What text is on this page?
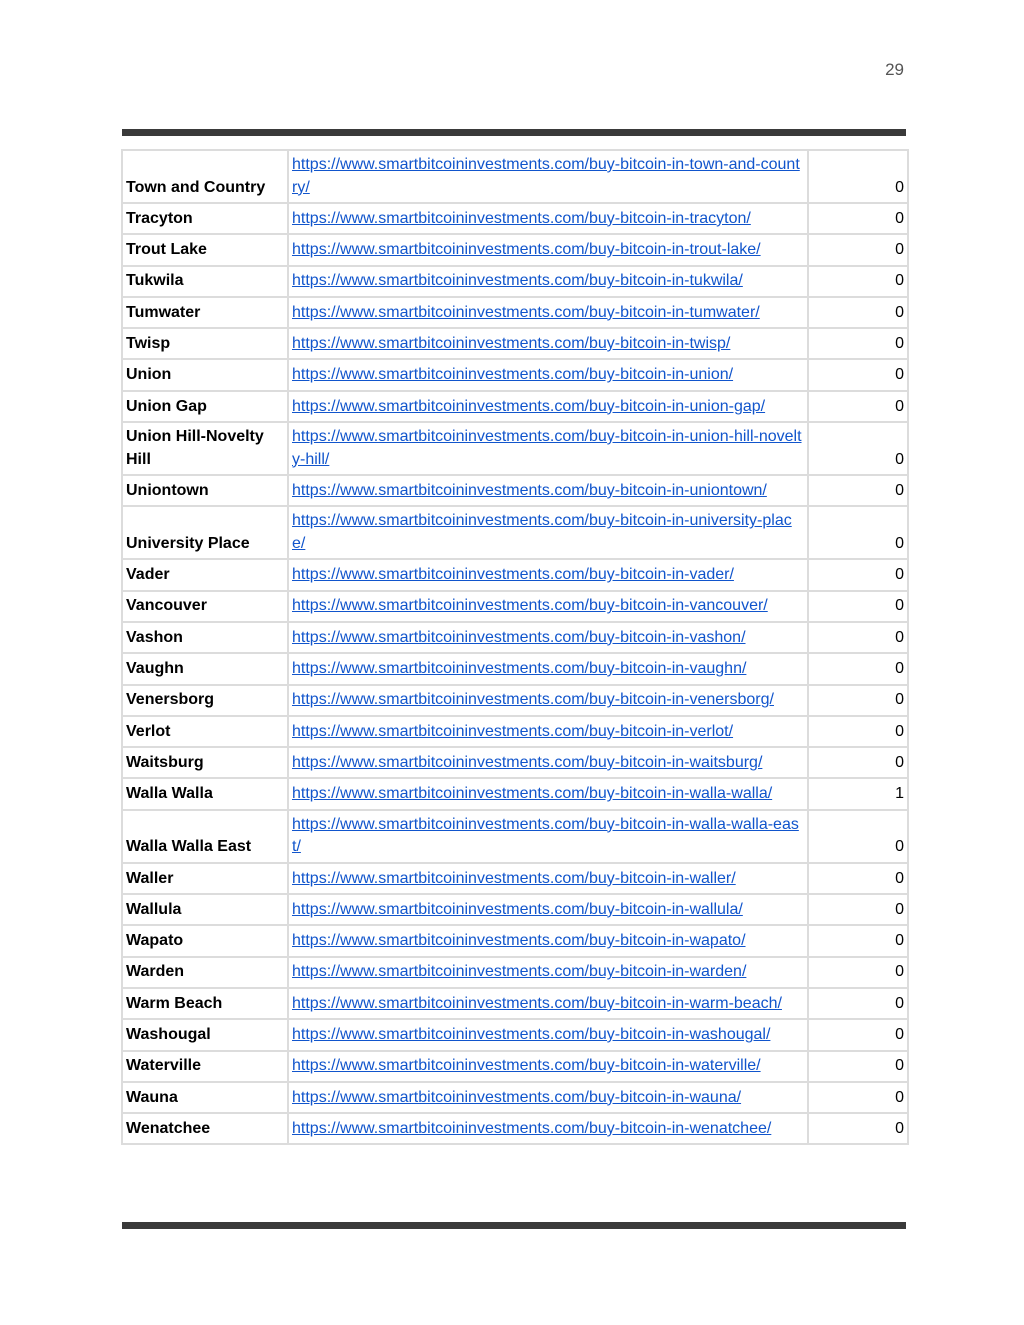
29
Town and Country	https://www.smartbitcoininvestments.com/buy-bitcoin-in-town-and-country/	0
Tracyton	https://www.smartbitcoininvestments.com/buy-bitcoin-in-tracyton/	0
Trout Lake	https://www.smartbitcoininvestments.com/buy-bitcoin-in-trout-lake/	0
Tukwila	https://www.smartbitcoininvestments.com/buy-bitcoin-in-tukwila/	0
Tumwater	https://www.smartbitcoininvestments.com/buy-bitcoin-in-tumwater/	0
Twisp	https://www.smartbitcoininvestments.com/buy-bitcoin-in-twisp/	0
Union	https://www.smartbitcoininvestments.com/buy-bitcoin-in-union/	0
Union Gap	https://www.smartbitcoininvestments.com/buy-bitcoin-in-union-gap/	0
Union Hill-Novelty Hill	https://www.smartbitcoininvestments.com/buy-bitcoin-in-union-hill-novelty-hill/	0
Uniontown	https://www.smartbitcoininvestments.com/buy-bitcoin-in-uniontown/	0
University Place	https://www.smartbitcoininvestments.com/buy-bitcoin-in-university-place/	0
Vader	https://www.smartbitcoininvestments.com/buy-bitcoin-in-vader/	0
Vancouver	https://www.smartbitcoininvestments.com/buy-bitcoin-in-vancouver/	0
Vashon	https://www.smartbitcoininvestments.com/buy-bitcoin-in-vashon/	0
Vaughn	https://www.smartbitcoininvestments.com/buy-bitcoin-in-vaughn/	0
Venersborg	https://www.smartbitcoininvestments.com/buy-bitcoin-in-venersborg/	0
Verlot	https://www.smartbitcoininvestments.com/buy-bitcoin-in-verlot/	0
Waitsburg	https://www.smartbitcoininvestments.com/buy-bitcoin-in-waitsburg/	0
Walla Walla	https://www.smartbitcoininvestments.com/buy-bitcoin-in-walla-walla/	1
Walla Walla East	https://www.smartbitcoininvestments.com/buy-bitcoin-in-walla-walla-east/	0
Waller	https://www.smartbitcoininvestments.com/buy-bitcoin-in-waller/	0
Wallula	https://www.smartbitcoininvestments.com/buy-bitcoin-in-wallula/	0
Wapato	https://www.smartbitcoininvestments.com/buy-bitcoin-in-wapato/	0
Warden	https://www.smartbitcoininvestments.com/buy-bitcoin-in-warden/	0
Warm Beach	https://www.smartbitcoininvestments.com/buy-bitcoin-in-warm-beach/	0
Washougal	https://www.smartbitcoininvestments.com/buy-bitcoin-in-washougal/	0
Waterville	https://www.smartbitcoininvestments.com/buy-bitcoin-in-waterville/	0
Wauna	https://www.smartbitcoininvestments.com/buy-bitcoin-in-wauna/	0
Wenatchee	https://www.smartbitcoininvestments.com/buy-bitcoin-in-wenatchee/	0
